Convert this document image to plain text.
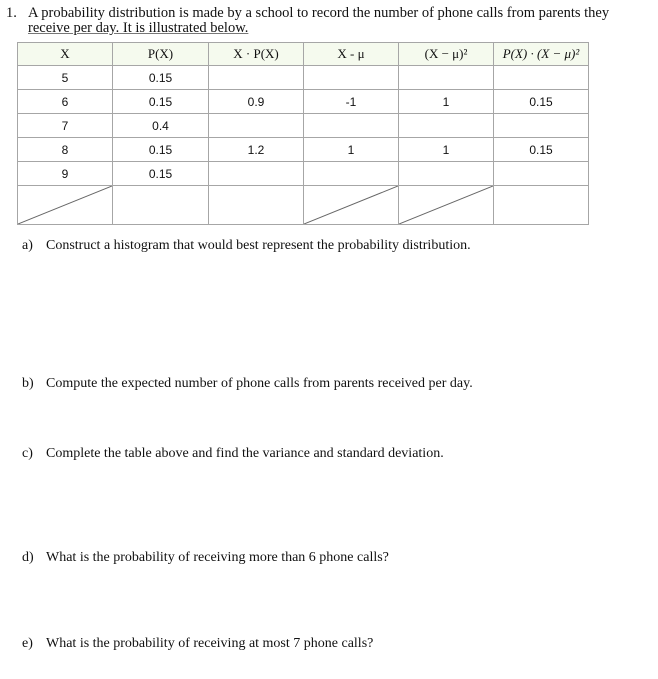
1. A probability distribution is made by a school to record the number of phone calls from parents they
receive per day. It is illustrated below.
X	P(X)	X · P(X)	X - μ	(X − μ)²	P(X) · (X − μ)²
5	0.15				
6	0.15	0.9	-1	1	0.15
7	0.4				
8	0.15	1.2	1	1	0.15
9	0.15				

a) Construct a histogram that would best represent the probability distribution.
b) Compute the expected number of phone calls from parents received per day.
c) Complete the table above and find the variance and standard deviation.
d) What is the probability of receiving more than 6 phone calls?
e) What is the probability of receiving at most 7 phone calls?
